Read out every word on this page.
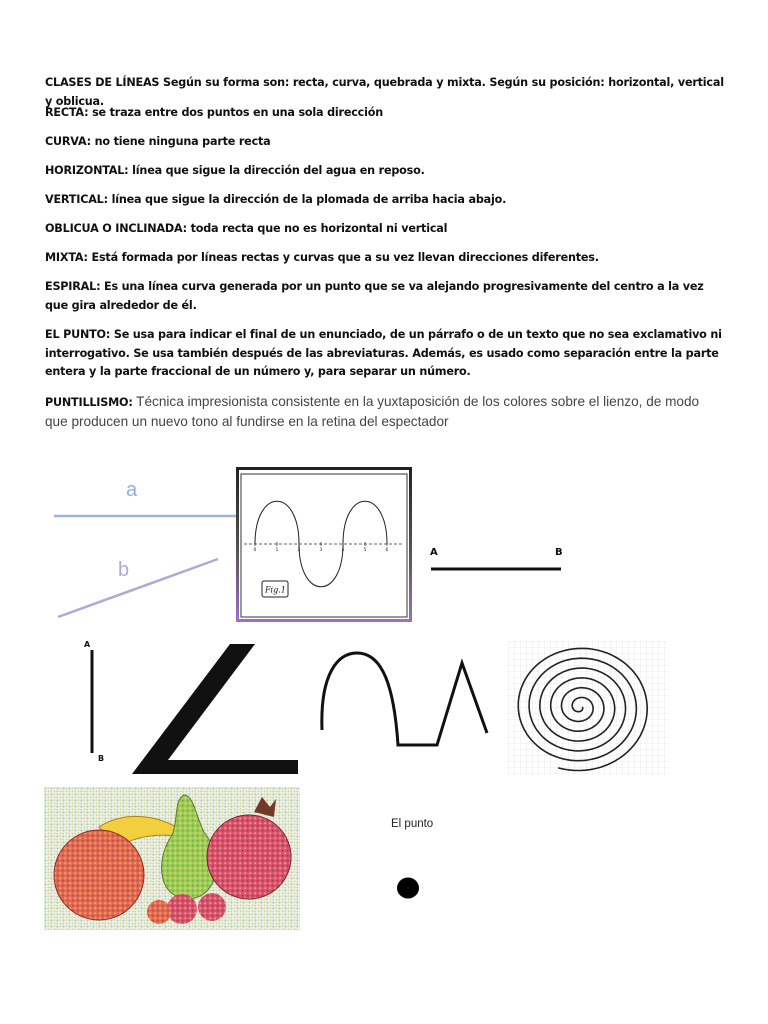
CLASES DE LÍNEAS Según su forma son: recta, curva, quebrada y mixta. Según su posición: horizontal, vertical y oblicua.

RECTA: se traza entre dos puntos en una sola dirección

CURVA: no tiene ninguna parte recta

HORIZONTAL: línea que sigue la dirección del agua en reposo.

VERTICAL: línea que sigue la dirección de la plomada de arriba hacia abajo.

OBLICUA O INCLINADA: toda recta que no es horizontal ni vertical

MIXTA: Está formada por líneas rectas y curvas que a su vez llevan direcciones diferentes.

ESPIRAL: Es una línea curva generada por un punto que se va alejando progresivamente del centro a la vez que gira alrededor de él.

EL PUNTO: Se usa para indicar el final de un enunciado, de un párrafo o de un texto que no sea exclamativo ni interrogativo. Se usa también después de las abreviaturas. Además, es usado como separación entre la parte entera y la parte fraccional de un número y, para separar un número.

PUNTILLISMO: Técnica impresionista consistente en la yuxtaposición de los colores sobre el lienzo, de modo que producen un nuevo tono al fundirse en la retina del espectador

a
b
0	1	2	3	4	5	6
Fig.1
A	B
A
B
El punto
